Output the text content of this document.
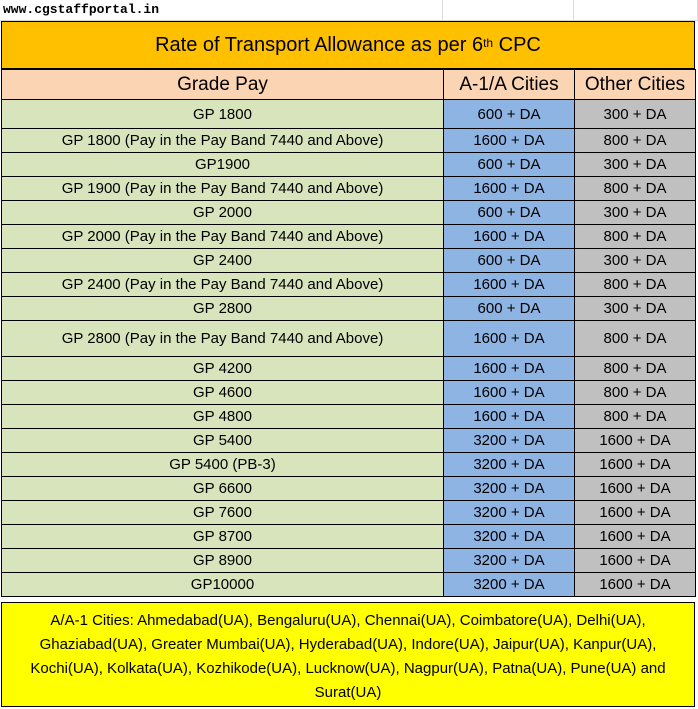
www.cgstaffportal.in
Rate of Transport Allowance as per 6th CPC
Grade Pay	A-1/A Cities	Other Cities
GP 1800	600 + DA	300 + DA
GP 1800 (Pay in the Pay Band 7440 and Above)	1600 + DA	800 + DA
GP1900	600 + DA	300 + DA
GP 1900 (Pay in the Pay Band 7440 and Above)	1600 + DA	800 + DA
GP 2000	600 + DA	300 + DA
GP 2000 (Pay in the Pay Band 7440 and Above)	1600 + DA	800 + DA
GP 2400	600 + DA	300 + DA
GP 2400 (Pay in the Pay Band 7440 and Above)	1600 + DA	800 + DA
GP 2800	600 + DA	300 + DA
GP 2800 (Pay in the Pay Band 7440 and Above)	1600 + DA	800 + DA
GP 4200	1600 + DA	800 + DA
GP 4600	1600 + DA	800 + DA
GP 4800	1600 + DA	800 + DA
GP 5400	3200 + DA	1600 + DA
GP 5400 (PB-3)	3200 + DA	1600 + DA
GP 6600	3200 + DA	1600 + DA
GP 7600	3200 + DA	1600 + DA
GP 8700	3200 + DA	1600 + DA
GP 8900	3200 + DA	1600 + DA
GP10000	3200 + DA	1600 + DA
A/A-1 Cities: Ahmedabad(UA), Bengaluru(UA), Chennai(UA), Coimbatore(UA), Delhi(UA), Ghaziabad(UA), Greater Mumbai(UA), Hyderabad(UA), Indore(UA), Jaipur(UA), Kanpur(UA), Kochi(UA), Kolkata(UA), Kozhikode(UA), Lucknow(UA), Nagpur(UA), Patna(UA), Pune(UA) and Surat(UA)
